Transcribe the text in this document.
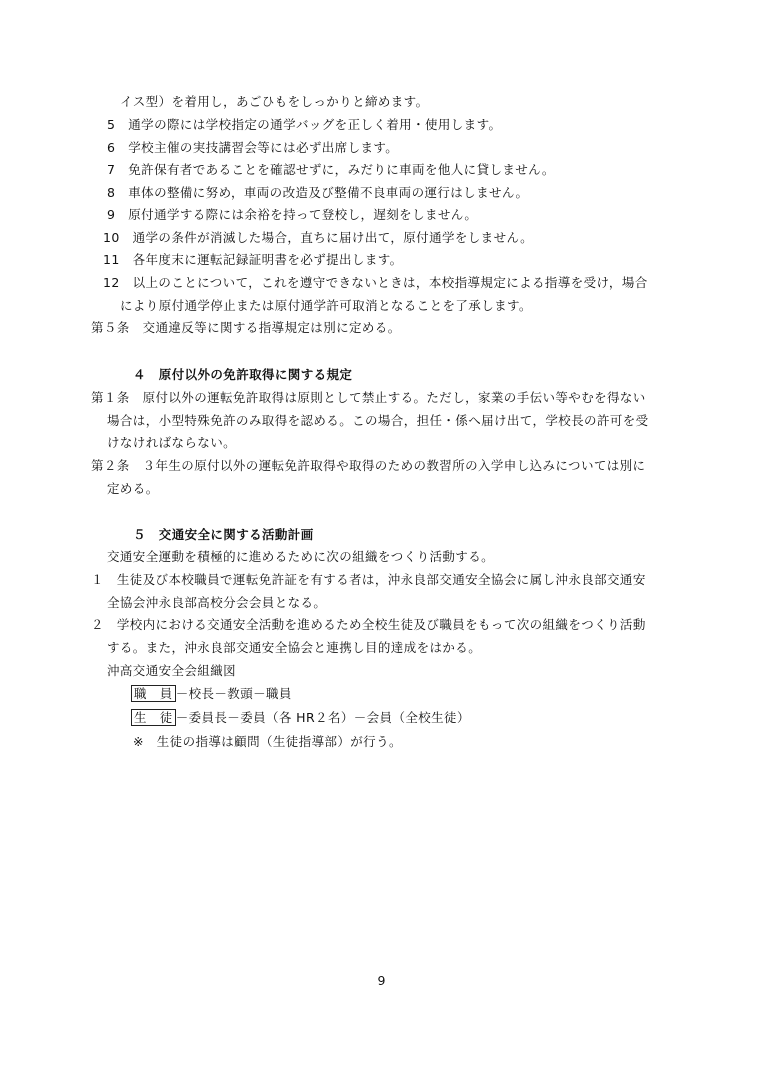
イス型）を着用し，あごひもをしっかりと締めます。
5　 通学の際には学校指定の通学バッグを正しく着用・使用します。
6　 学校主催の実技講習会等には必ず出席します。
7　 免許保有者であることを確認せずに，みだりに車両を他人に貸しません。
8　 車体の整備に努め，車両の改造及び整備不良車両の運行はしません。
9　 原付通学する際には余裕を持って登校し，遅刻をしません。
10　 通学の条件が消滅した場合，直ちに届け出て，原付通学をしません。
11　 各年度末に運転記録証明書を必ず提出します。
12　 以上のことについて，これを遵守できないときは，本校指導規定による指導を受け，場合
により原付通学停止または原付通学許可取消となることを了承します。
第５条　交通違反等に関する指導規定は別に定める。
４　原付以外の免許取得に関する規定
第１条　原付以外の運転免許取得は原則として禁止する。ただし，家業の手伝い等やむを得ない
場合は，小型特殊免許のみ取得を認める。この場合，担任・係へ届け出て，学校長の許可を受
けなければならない。
第２条　３年生の原付以外の運転免許取得や取得のための教習所の入学申し込みについては別に
定める。
５　交通安全に関する活動計画
交通安全運動を積極的に進めるために次の組織をつくり活動する。
１　 生徒及び本校職員で運転免許証を有する者は，沖永良部交通安全協会に属し沖永良部交通安
全協会沖永良部高校分会会員となる。
２　 学校内における交通安全活動を進めるため全校生徒及び職員をもって次の組織をつくり活動
する。また，沖永良部交通安全協会と連携し目的達成をはかる。
沖高交通安全会組織図
職　員 －校長－教頭－職員
生　徒 －委員長－委員（各 HR２名）－会員（全校生徒）
※　生徒の指導は顧問（生徒指導部）が行う。
9
